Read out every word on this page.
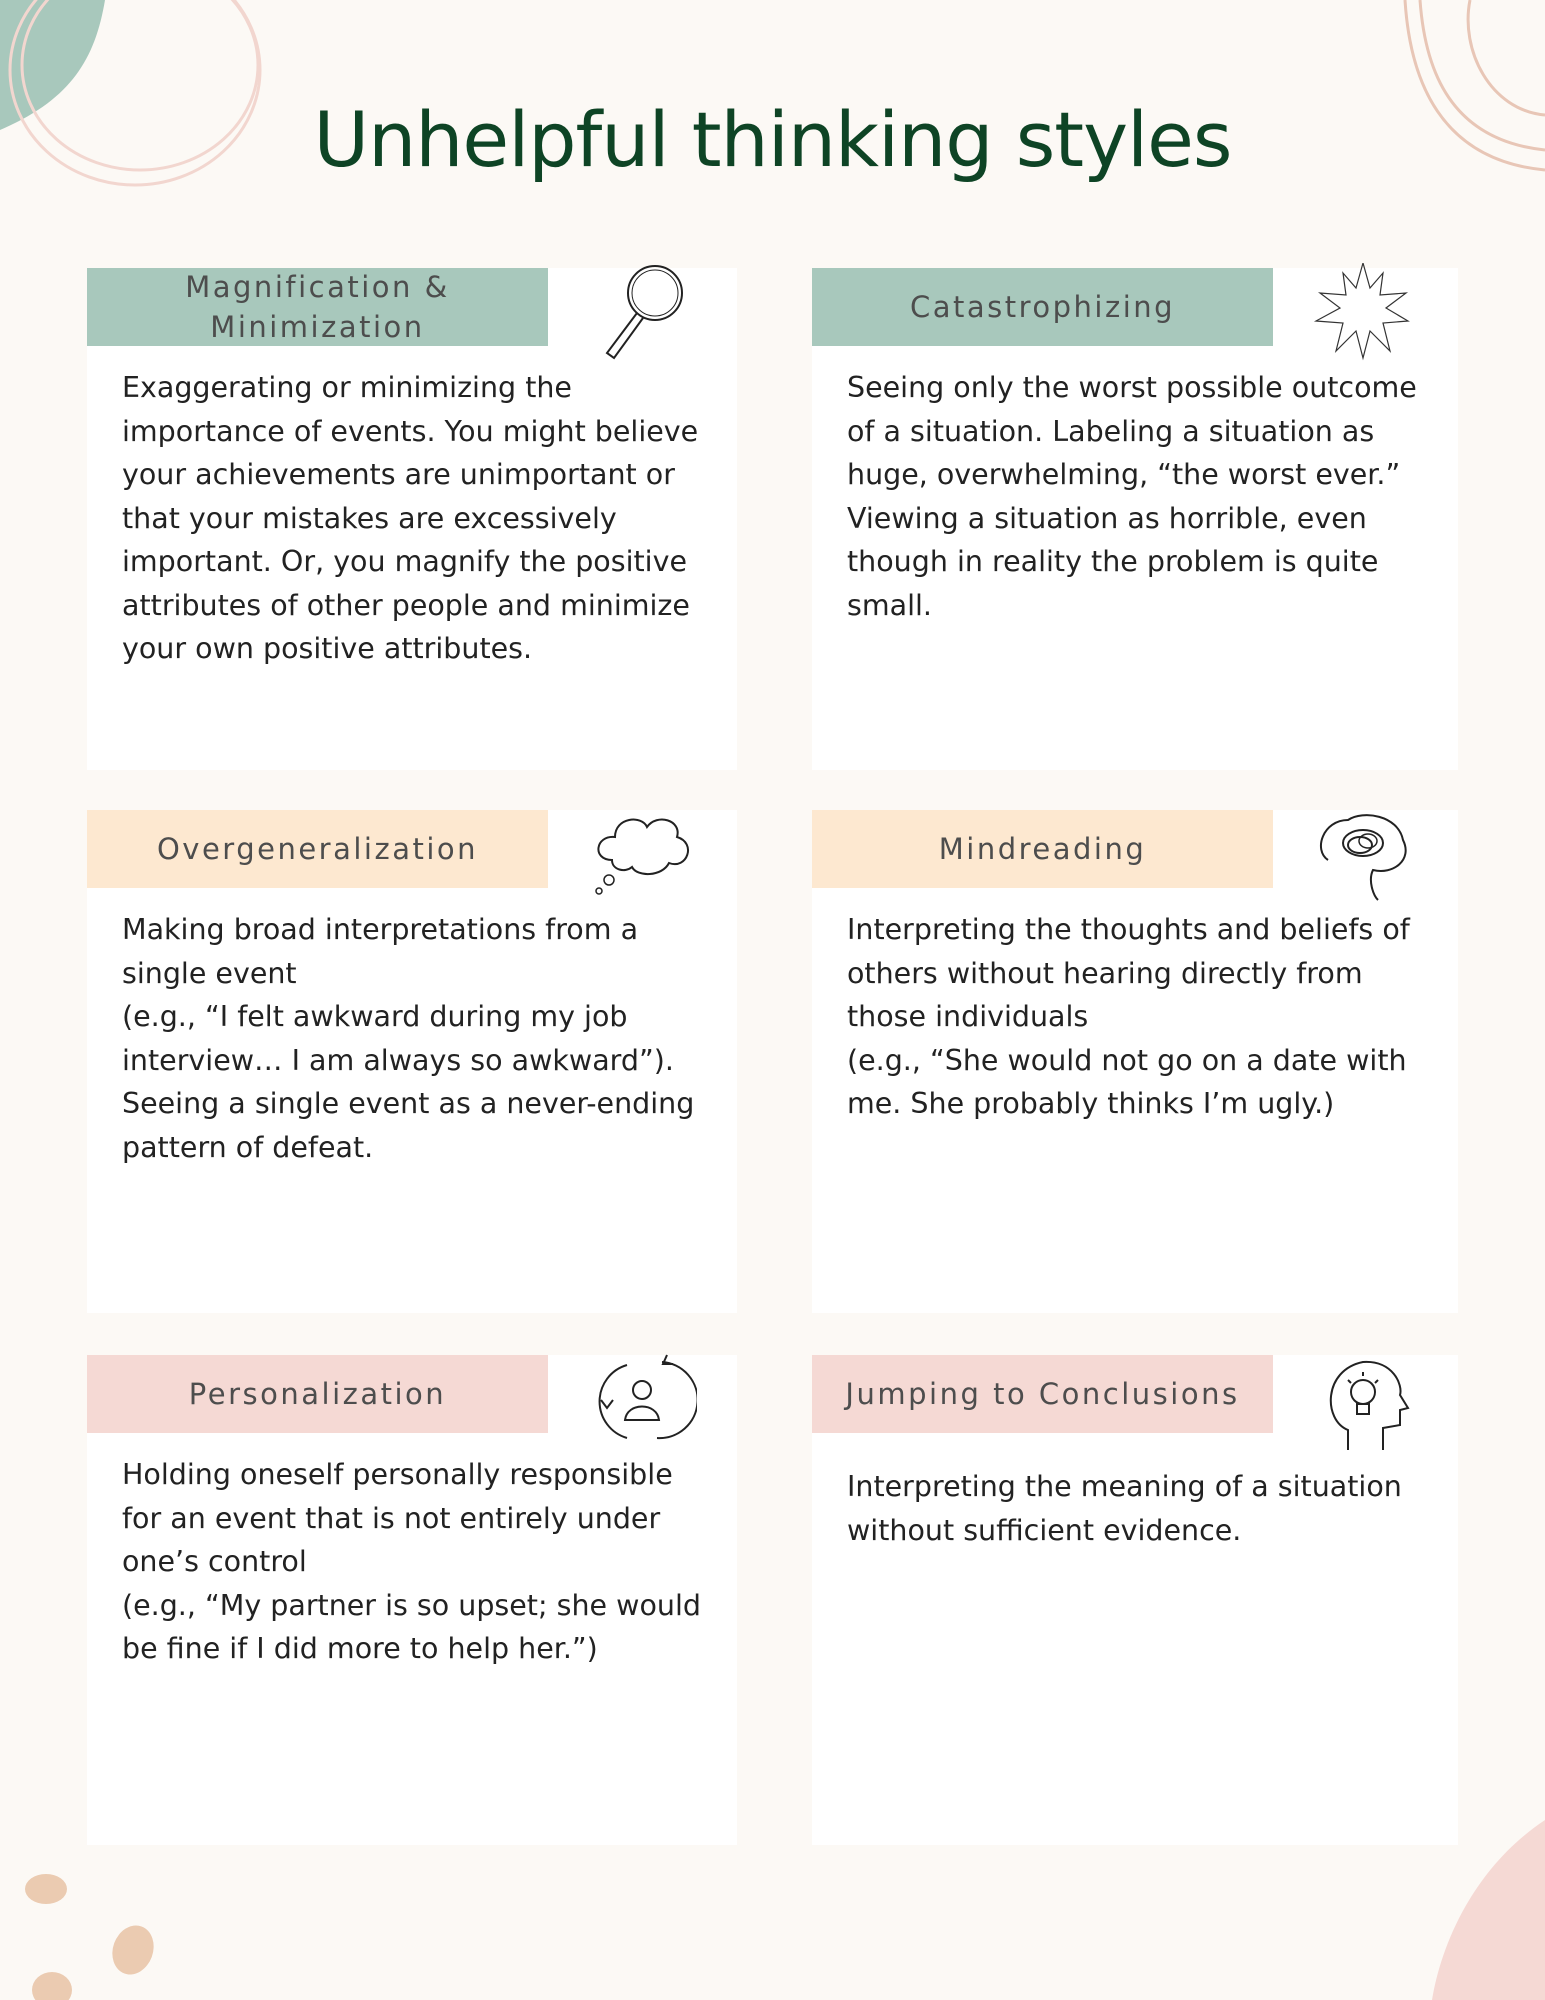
Unhelpful thinking styles
Magnification &
Minimization
Exaggerating or minimizing the importance of events. You might believe your achievements are unimportant or that your mistakes are excessively important. Or, you magnify the positive attributes of other people and minimize your own positive attributes.
Catastrophizing
Seeing only the worst possible outcome of a situation. Labeling a situation as huge, overwhelming, “the worst ever.” Viewing a situation as horrible, even though in reality the problem is quite small.
Overgeneralization
Making broad interpretations from a single event
(e.g., “I felt awkward during my job interview… I am always so awkward”).
Seeing a single event as a never-ending pattern of defeat.
Mindreading
Interpreting the thoughts and beliefs of others without hearing directly from those individuals
(e.g., “She would not go on a date with me. She probably thinks I’m ugly.)
Personalization
Holding oneself personally responsible for an event that is not entirely under one’s control
(e.g., “My partner is so upset; she would be fine if I did more to help her.”)
Jumping to Conclusions
Interpreting the meaning of a situation without sufficient evidence.
